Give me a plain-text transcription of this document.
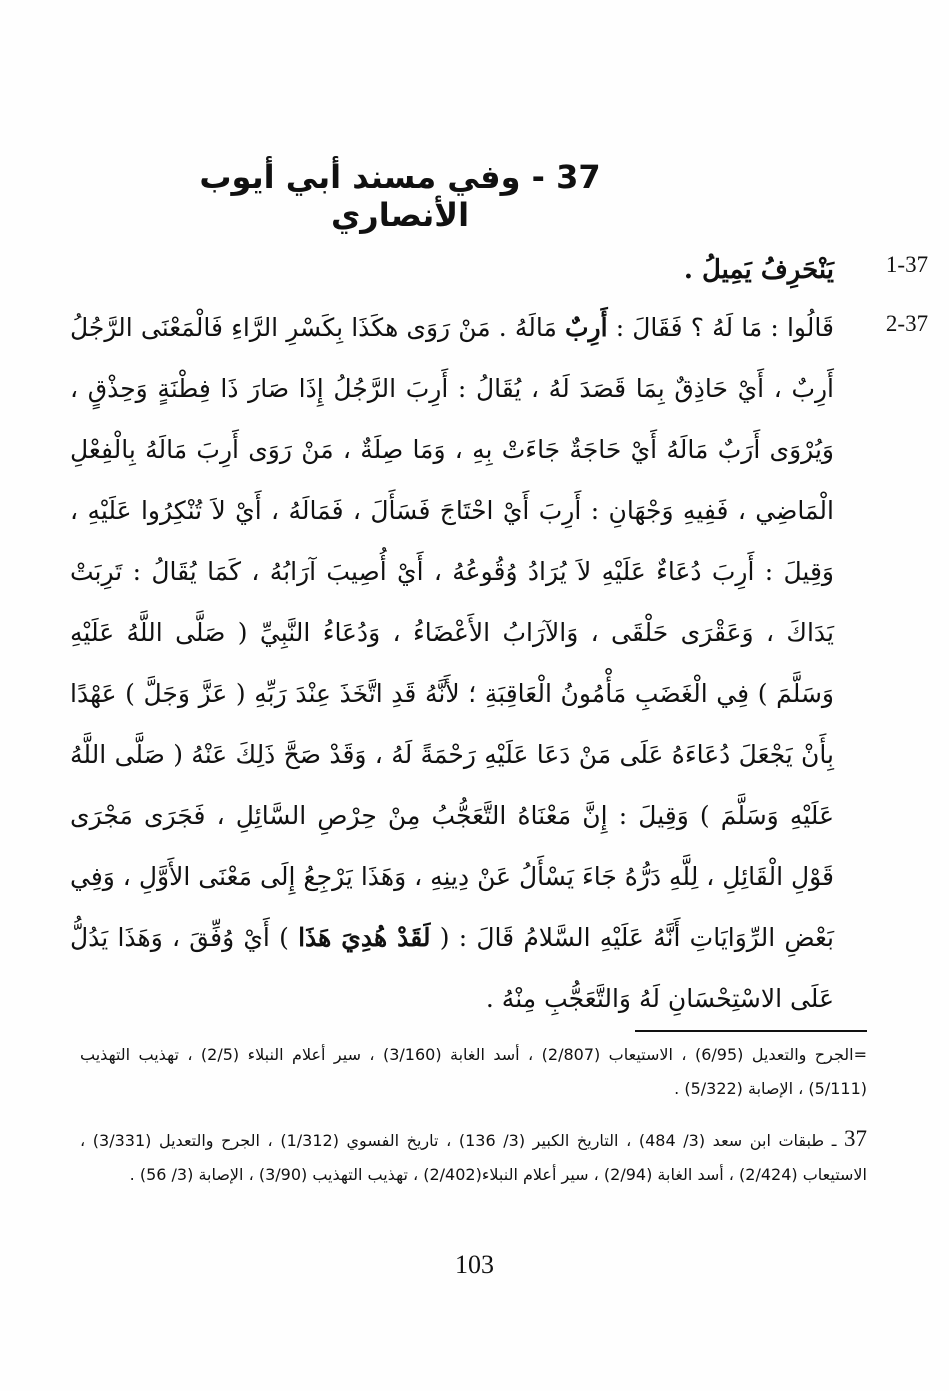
37 - وفي مسند أبي أيوب الأنصاري
1-37
يَنْحَرِفُ يَمِيلُ .
2-37
قَالُوا : مَا لَهُ ؟ فَقَالَ : أَرِبٌ مَالَهُ . مَنْ رَوَى هكَذَا بِكَسْرِ الرَّاءِ فَالْمَعْنَى الرَّجُلُ أَرِبٌ ، أَيْ حَاذِقٌ بِمَا قَصَدَ لَهُ ، يُقَالُ : أَرِبَ الرَّجُلُ إِذَا صَارَ ذَا فِطْنَةٍ وَحِذْقٍ ، وَيُرْوَى أَرَبٌ مَالَهُ أَيْ حَاجَةٌ جَاءَتْ بِهِ ، وَمَا صِلَةٌ ، مَنْ رَوَى أَرِبَ مَالَهُ بِالْفِعْلِ الْمَاضِي ، فَفِيهِ وَجْهَانِ : أَرِبَ أَيْ احْتَاجَ فَسَأَلَ ، فَمَالَهُ ، أَيْ لاَ تُنْكِرُوا عَلَيْهِ ، وَقِيلَ : أَرِبَ دُعَاءٌ عَلَيْهِ لاَ يُرَادُ وُقُوعُهُ ، أَيْ أُصِيبَ آرَابُهُ ، كَمَا يُقَالُ : تَرِبَتْ يَدَاكَ ، وَعَقْرَى حَلْقَى ، وَالآرَابُ الأَعْضَاءُ ، وَدُعَاءُ النَّبِيِّ ( صَلَّى اللَّهُ عَلَيْهِ وَسَلَّمَ ) فِي الْغَضَبِ مَأْمُونُ الْعَاقِبَةِ ؛ لأَنَّهُ قَدِ اتَّخَذَ عِنْدَ رَبِّهِ ( عَزَّ وَجَلَّ ) عَهْدًا بِأَنْ يَجْعَلَ دُعَاءَهُ عَلَى مَنْ دَعَا عَلَيْهِ رَحْمَةً لَهُ ، وَقَدْ صَحَّ ذَلِكَ عَنْهُ ( صَلَّى اللَّهُ عَلَيْهِ وَسَلَّمَ ) وَقِيلَ : إِنَّ مَعْنَاهُ التَّعَجُّبُ مِنْ حِرْصِ السَّائِلِ ، فَجَرَى مَجْرَى قَوْلِ الْقَائِلِ ، لِلَّهِ دَرُّهُ جَاءَ يَسْأَلُ عَنْ دِينِهِ ، وَهَذَا يَرْجِعُ إِلَى مَعْنَى الأَوَّلِ ، وَفِي بَعْضِ الرِّوَايَاتِ أَنَّهُ عَلَيْهِ السَّلامُ قَالَ : ( لَقَدْ هُدِيَ هَذَا ) أَيْ وُفِّقَ ، وَهَذَا يَدُلُّ عَلَى الاسْتِحْسَانِ لَهُ وَالتَّعَجُّبِ مِنْهُ .
=الجرح والتعديل (6/95) ، الاستيعاب (2/807) ، أسد الغابة (3/160) ، سير أعلام النبلاء (2/5) ، تهذيب التهذيب (5/111) ، الإصابة (5/322) .
37 ـ طبقات ابن سعد (3/ 484) ، التاريخ الكبير (3/ 136) ، تاريخ الفسوي (1/312) ، الجرح والتعديل (3/331) ، الاستيعاب (2/424) ، أسد الغابة (2/94) ، سير أعلام النبلاء(2/402) ، تهذيب التهذيب (3/90) ، الإصابة (3/ 56) .
103
